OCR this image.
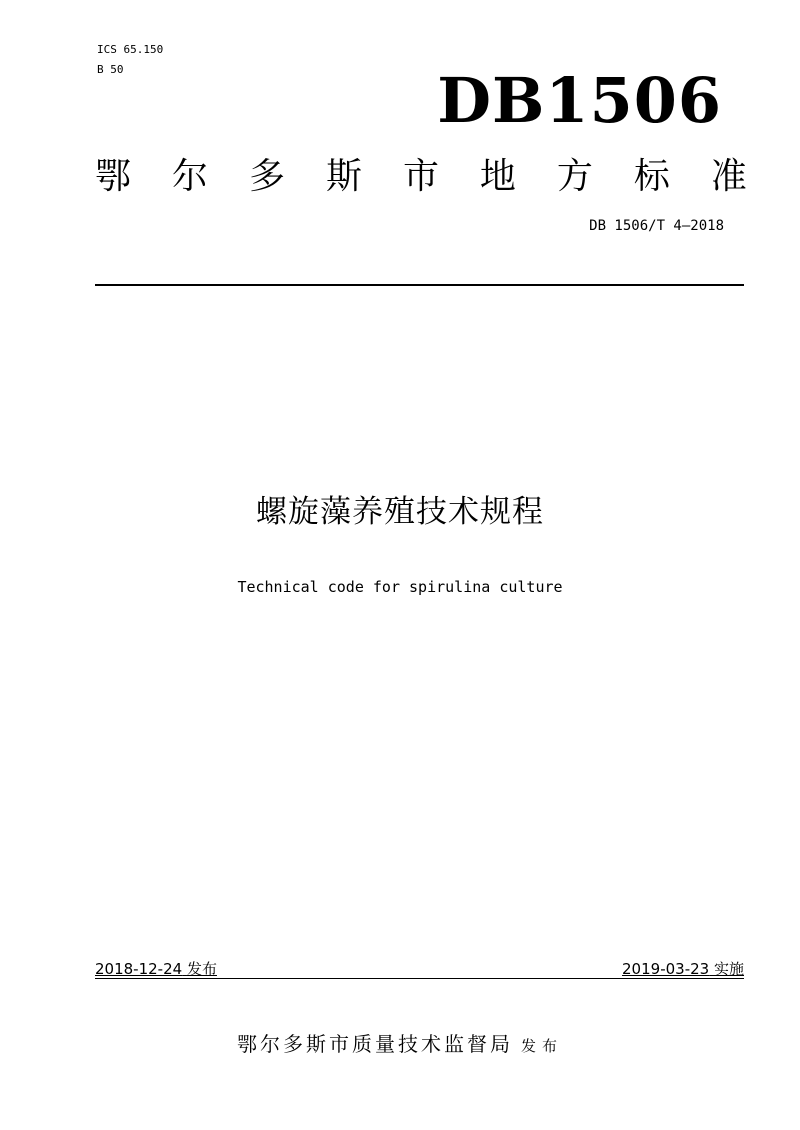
ICS 65.150
B 50	DB1506
鄂 尔 多 斯 市 地 方 标 准
DB 1506/T 4—2018
螺旋藻养殖技术规程
Technical code for spirulina culture
2018-12-24 发布	2019-03-23 实施
鄂尔多斯市质量技术监督局 发布
